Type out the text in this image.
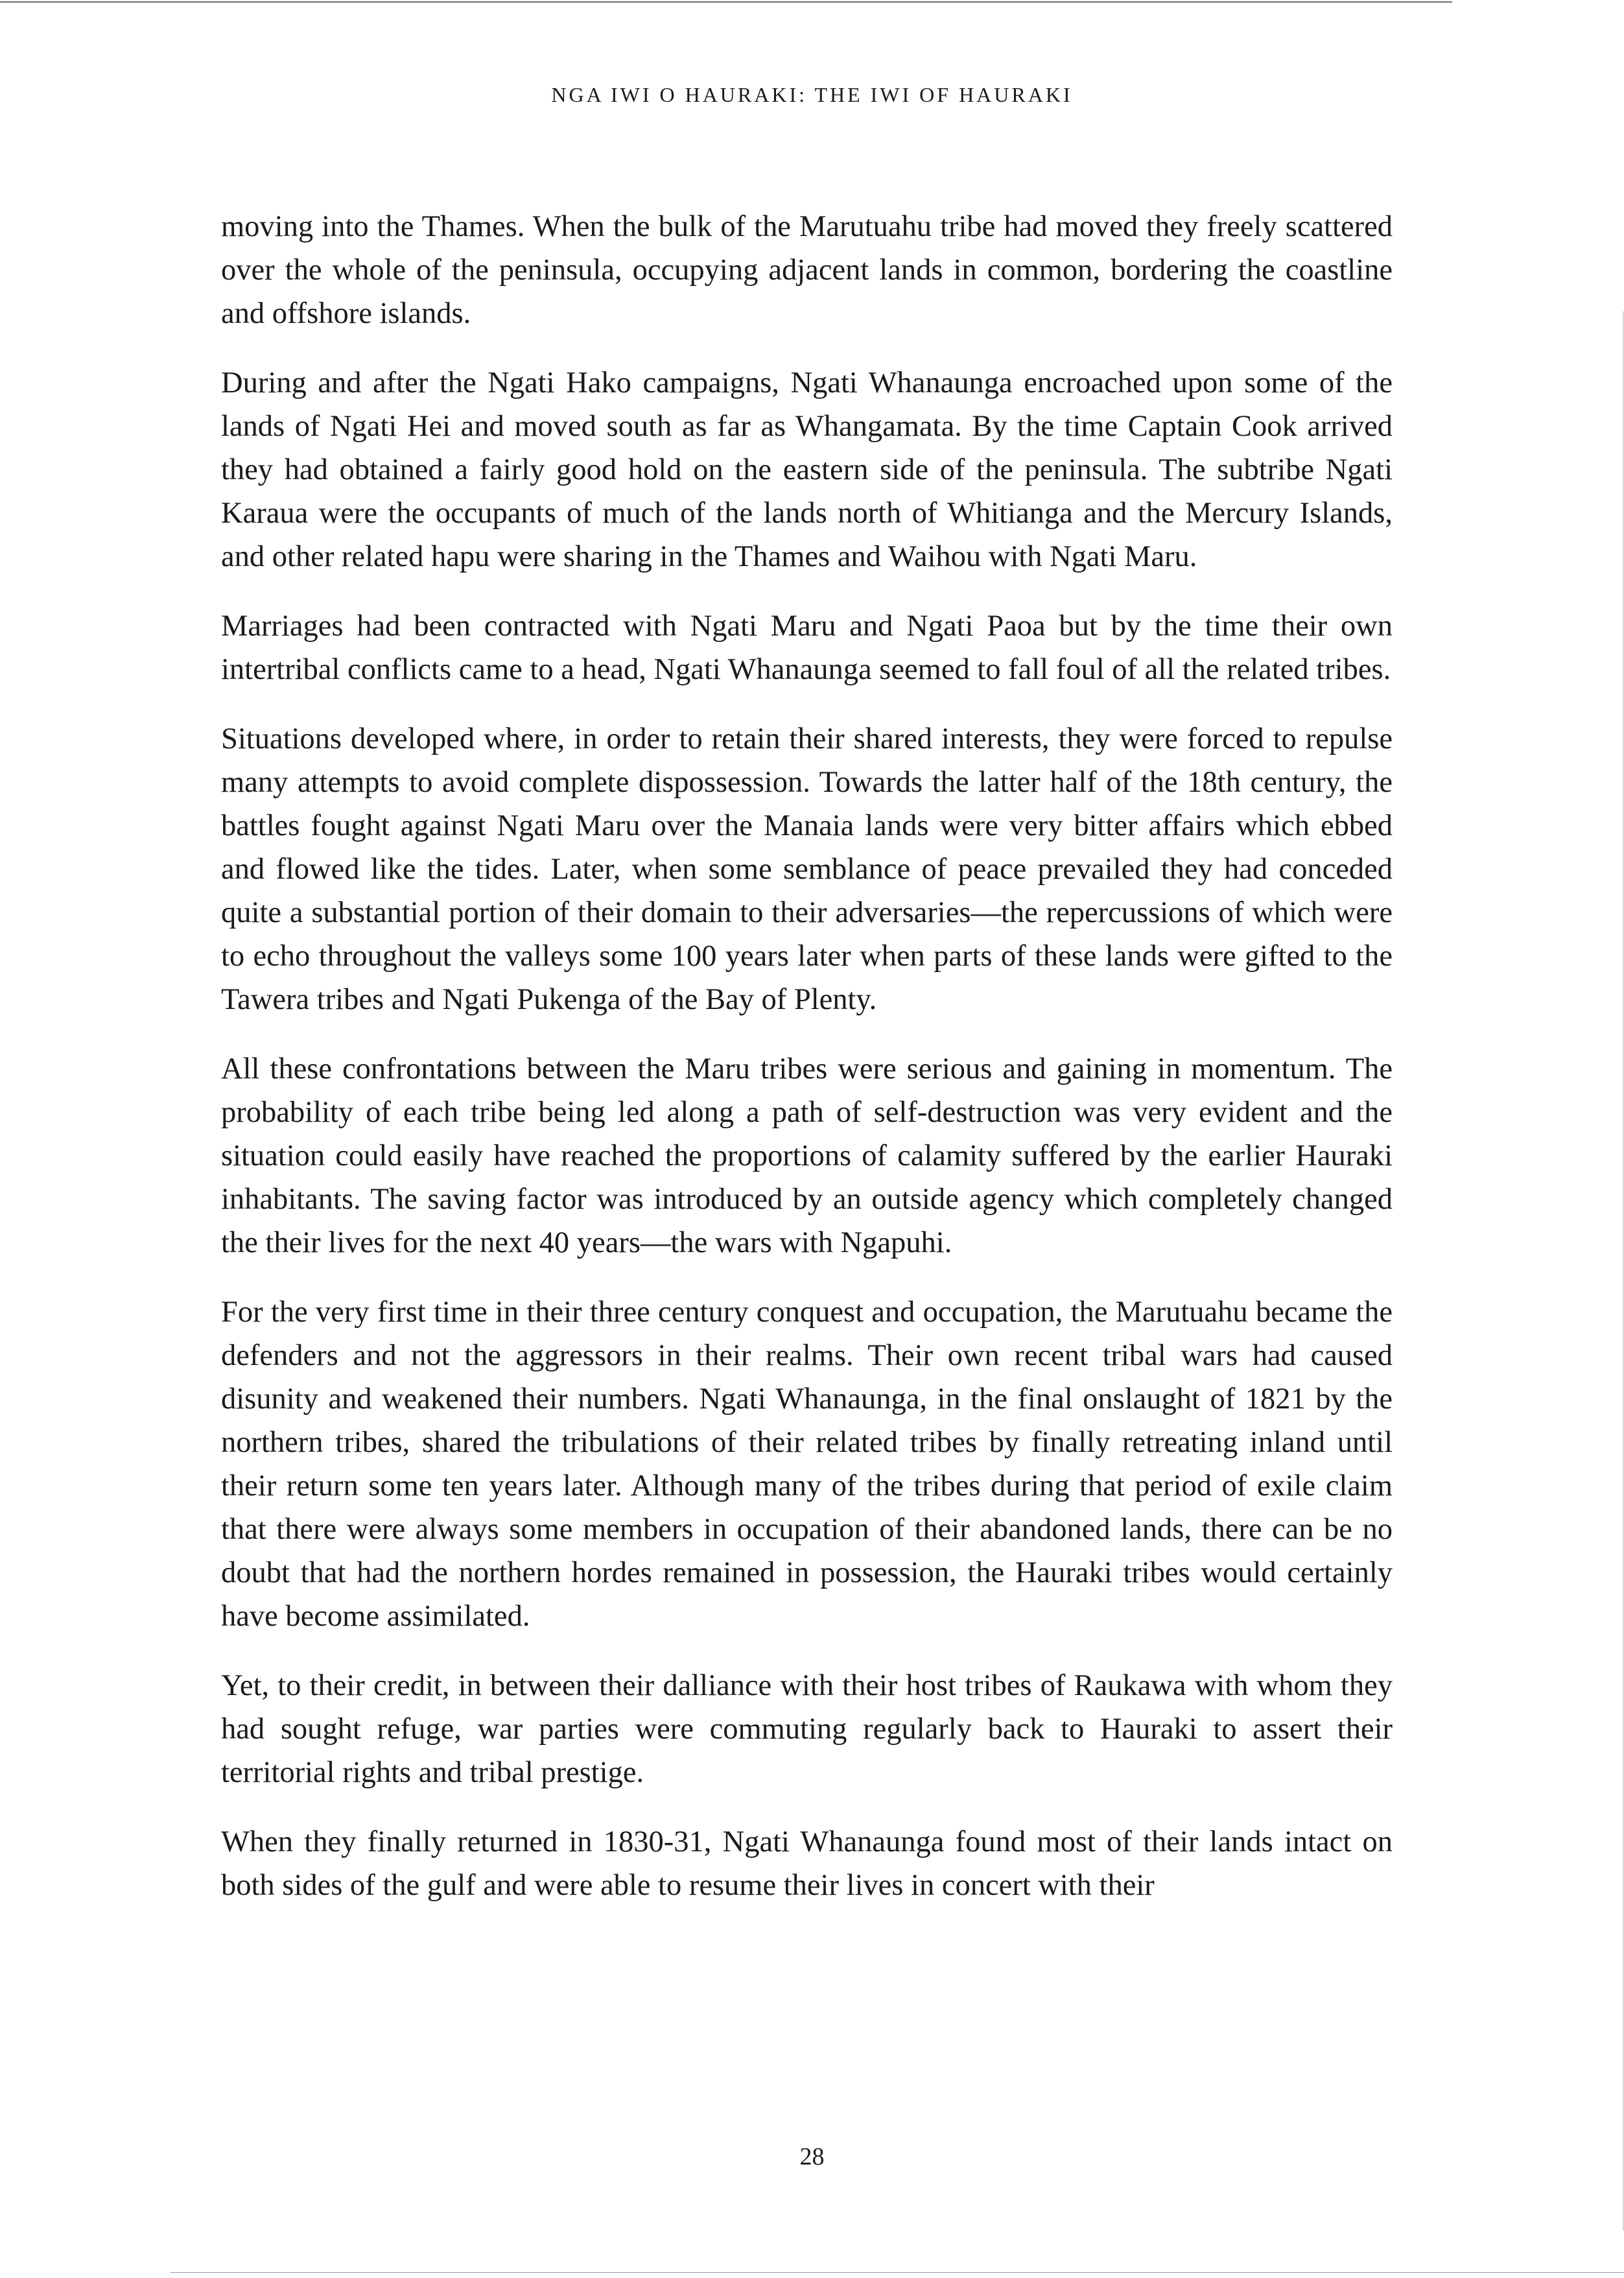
NGA IWI O HAURAKI: THE IWI OF HAURAKI

moving into the Thames. When the bulk of the Marutuahu tribe had moved they freely scattered over the whole of the peninsula, occupying adjacent lands in common, bordering the coastline and offshore islands.

During and after the Ngati Hako campaigns, Ngati Whanaunga encroached upon some of the lands of Ngati Hei and moved south as far as Whangamata. By the time Captain Cook arrived they had obtained a fairly good hold on the eastern side of the peninsula. The subtribe Ngati Karaua were the occupants of much of the lands north of Whitianga and the Mercury Islands, and other related hapu were sharing in the Thames and Waihou with Ngati Maru.

Marriages had been contracted with Ngati Maru and Ngati Paoa but by the time their own intertribal conflicts came to a head, Ngati Whanaunga seemed to fall foul of all the related tribes.

Situations developed where, in order to retain their shared interests, they were forced to repulse many attempts to avoid complete dispossession. Towards the latter half of the 18th century, the battles fought against Ngati Maru over the Manaia lands were very bitter affairs which ebbed and flowed like the tides. Later, when some semblance of peace prevailed they had conceded quite a substantial portion of their domain to their adversaries—the repercussions of which were to echo throughout the valleys some 100 years later when parts of these lands were gifted to the Tawera tribes and Ngati Pukenga of the Bay of Plenty.

All these confrontations between the Maru tribes were serious and gaining in momentum. The probability of each tribe being led along a path of self-destruction was very evident and the situation could easily have reached the proportions of calamity suffered by the earlier Hauraki inhabitants. The saving factor was introduced by an outside agency which completely changed the their lives for the next 40 years—the wars with Ngapuhi.

For the very first time in their three century conquest and occupation, the Marutuahu became the defenders and not the aggressors in their realms. Their own recent tribal wars had caused disunity and weakened their numbers. Ngati Whanaunga, in the final onslaught of 1821 by the northern tribes, shared the tribulations of their related tribes by finally retreating inland until their return some ten years later. Although many of the tribes during that period of exile claim that there were always some members in occupation of their abandoned lands, there can be no doubt that had the northern hordes remained in possession, the Hauraki tribes would certainly have become assimilated.

Yet, to their credit, in between their dalliance with their host tribes of Raukawa with whom they had sought refuge, war parties were commuting regularly back to Hauraki to assert their territorial rights and tribal prestige.

When they finally returned in 1830-31, Ngati Whanaunga found most of their lands intact on both sides of the gulf and were able to resume their lives in concert with their

28
